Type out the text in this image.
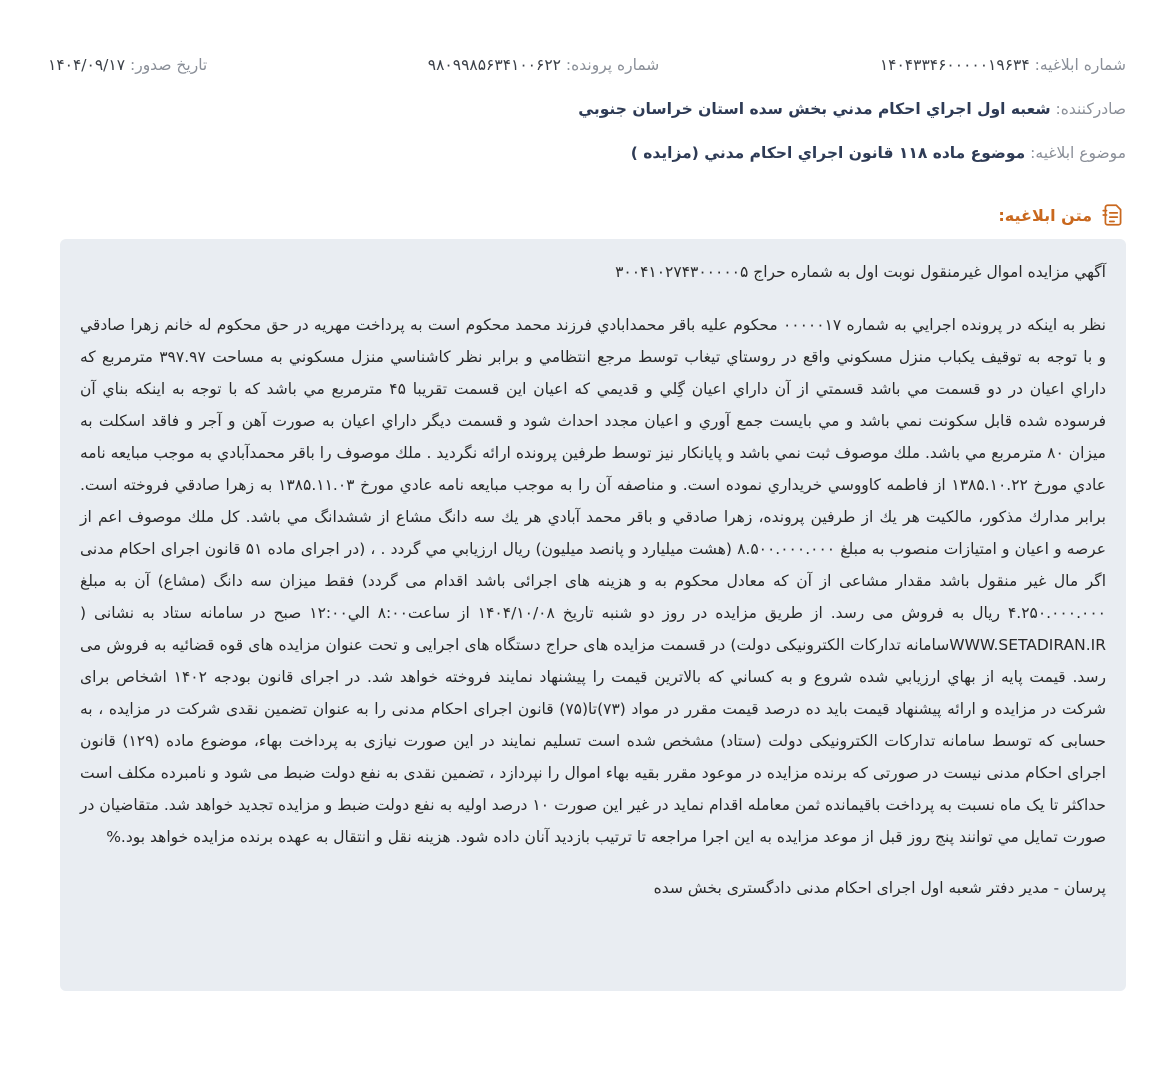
شماره ابلاغيه: ۱۴۰۴۳۳۴۶۰۰۰۰۰۱۹۶۳۴
شماره پرونده: ۹۸۰۹۹۸۵۶۳۴۱۰۰۶۲۲
تاريخ صدور: ۱۴۰۴/۰۹/۱۷
صادرکننده: شعبه اول اجراي احكام مدني بخش سده استان خراسان جنوبي
موضوع ابلاغيه: موضوع ماده ۱۱۸ قانون اجراي احكام مدني (مزايده )
متن ابلاغيه:

آگهي مزايده اموال غيرمنقول نوبت اول به شماره حراج ۳۰۰۴۱۰۲۷۴۳۰۰۰۰۰۵

نظر به اينكه در پرونده اجرايي به شماره ۰۰۰۰۰۱۷ محكوم عليه باقر محمدابادي فرزند محمد محكوم است به پرداخت مهريه در حق محكوم له خانم زهرا صادقي و با توجه به توقيف يكباب منزل مسكوني واقع در روستاي تيغاب توسط مرجع انتظامي و برابر نظر كاشناسي منزل مسكوني به مساحت ۳۹۷.۹۷ مترمربع كه داراي اعيان در دو قسمت مي باشد قسمتي از آن داراي اعيان گِلي و قديمي كه اعيان اين قسمت تقريبا ۴۵ مترمربع مي باشد كه با توجه به اينكه بناي آن فرسوده شده قابل سكونت نمي باشد و مي بايست جمع آوري و اعيان مجدد احداث شود و قسمت ديگر داراي اعيان به صورت آهن و آجر و فاقد اسكلت به ميزان ۸۰ مترمربع مي باشد. ملك موصوف ثبت نمي باشد و پايانكار نيز توسط طرفين پرونده ارائه نگرديد . ملك موصوف را باقر محمدآبادي به موجب مبايعه نامه عادي مورخ ۱۳۸۵.۱۰.۲۲ از فاطمه كاووسي خريداري نموده است. و مناصفه آن را به موجب مبايعه نامه عادي مورخ ۱۳۸۵.۱۱.۰۳ به زهرا صادقي فروخته است. برابر مدارك مذكور، مالكيت هر يك از طرفين پرونده، زهرا صادقي و باقر محمد آبادي هر يك سه دانگ مشاع از ششدانگ مي باشد. كل ملك موصوف اعم از عرصه و اعيان و امتيازات منصوب به مبلغ ۸.۵۰۰.۰۰۰.۰۰۰ (هشت ميليارد و پانصد ميليون) ريال ارزيابي مي گردد . ، (در اجرای ماده ۵۱ قانون اجرای احکام مدنی اگر مال غیر منقول باشد مقدار مشاعی از آن که معادل محکوم به و هزینه های اجرائی باشد اقدام می گردد) فقط ميزان سه دانگ (مشاع) آن به مبلغ ۴.۲۵۰.۰۰۰.۰۰۰ ريال به فروش می رسد. از طريق مزايده در روز دو شنبه تاريخ ۱۴۰۴/۱۰/۰۸ از ساعت۸:۰۰ الي۱۲:۰۰ صبح در سامانه ستاد به نشانی ( WWW.SETADIRAN.IRسامانه تدارکات الکترونیکی دولت) در قسمت مزایده های حراج دستگاه های اجرایی و تحت عنوان مزایده های قوه قضائیه به فروش می رسد. قيمت پايه از بهاي ارزيابي شده شروع و به كساني كه بالاترين قيمت را پيشنهاد نمايند فروخته خواهد شد. در اجرای قانون بودجه ۱۴۰۲ اشخاص برای شرکت در مزایده و ارائه پیشنهاد قیمت باید ده درصد قیمت مقرر در مواد (۷۳)تا(۷۵) قانون اجرای احکام مدنی را به عنوان تضمین نقدی شرکت در مزایده ، به حسابی که توسط سامانه تدارکات الکترونیکی دولت (ستاد) مشخص شده است تسلیم نمایند در این صورت نیازی به پرداخت بهاء، موضوع ماده (۱۲۹) قانون اجرای احکام مدنی نیست در صورتی که برنده مزایده در موعود مقرر بقیه بهاء اموال را نپردازد ، تضمین نقدی به نفع دولت ضبط می شود و نامبرده مکلف است حداکثر تا یک ماه نسبت به پرداخت باقیمانده ثمن معامله اقدام نماید در غیر این صورت ۱۰ درصد اولیه به نفع دولت ضبط و مزایده تجدید خواهد شد. متقاضيان در صورت تمايل مي توانند پنج روز قبل از موعد مزايده به اين اجرا مراجعه تا ترتيب بازديد آنان داده شود. هزينه نقل و انتقال به عهده برنده مزايده خواهد بود.%

پرسان - مدیر دفتر شعبه اول اجرای احکام مدنی دادگستری بخش سده
